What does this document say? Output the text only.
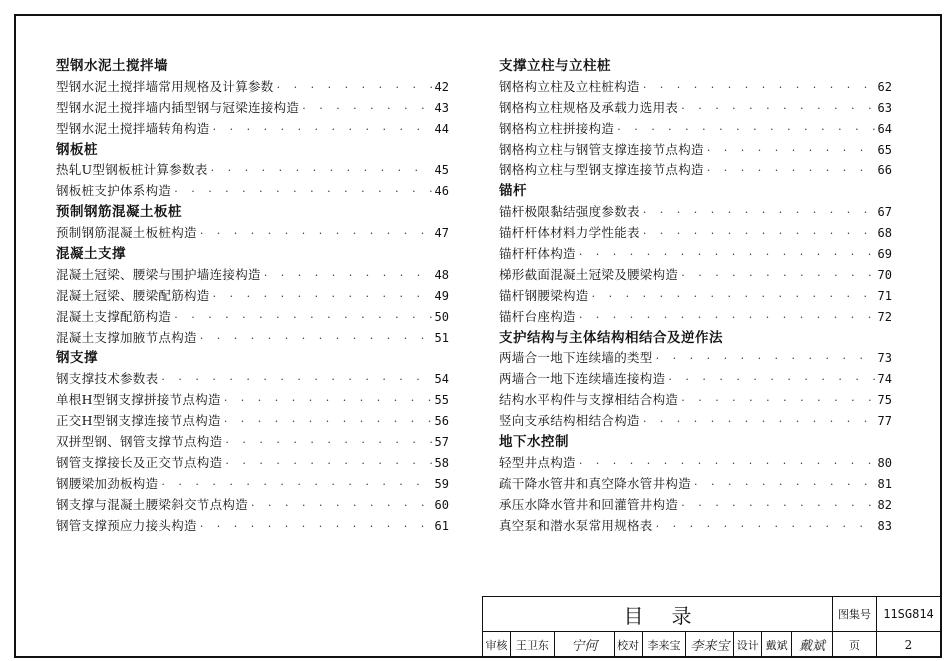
型钢水泥土搅拌墙
型钢水泥土搅拌墙常用规格及计算参数 · · ·	42
型钢水泥土搅拌墙内插型钢与冠梁连接构造 · · ·	43
型钢水泥土搅拌墙转角构造 · · ·	44
钢板桩
热轧U型钢板桩计算参数表 · · ·	45
钢板桩支护体系构造 · · ·	46
预制钢筋混凝土板桩
预制钢筋混凝土板桩构造 · · ·	47
混凝土支撑
混凝土冠梁、腰梁与围护墙连接构造 · · ·	48
混凝土冠梁、腰梁配筋构造 · · ·	49
混凝土支撑配筋构造 · · ·	50
混凝土支撑加腋节点构造 · · ·	51
钢支撑
钢支撑技术参数表 · · ·	54
单根H型钢支撑拼接节点构造 · · ·	55
正交H型钢支撑连接节点构造 · · ·	56
双拼型钢、钢管支撑节点构造 · · ·	57
钢管支撑接长及正交节点构造 · · ·	58
钢腰梁加劲板构造 · · ·	59
钢支撑与混凝土腰梁斜交节点构造 · · ·	60
钢管支撑预应力接头构造 · · ·	61
支撑立柱与立柱桩
钢格构立柱及立柱桩构造 · · ·	62
钢格构立柱规格及承载力选用表 · · ·	63
钢格构立柱拼接构造 · · ·	64
钢格构立柱与钢管支撑连接节点构造 · · ·	65
钢格构立柱与型钢支撑连接节点构造 · · ·	66
锚杆
锚杆极限黏结强度参数表 · · ·	67
锚杆杆体材料力学性能表 · · ·	68
锚杆杆体构造 · · ·	69
梯形截面混凝土冠梁及腰梁构造 · · ·	70
锚杆钢腰梁构造 · · ·	71
锚杆台座构造 · · ·	72
支护结构与主体结构相结合及逆作法
两墙合一地下连续墙的类型 · · ·	73
两墙合一地下连续墙连接构造 · · ·	74
结构水平构件与支撑相结合构造 · · ·	75
竖向支承结构相结合构造 · · ·	77
地下水控制
轻型井点构造 · · ·	80
疏干降水管井和真空降水管井构造 · · ·	81
承压水降水管井和回灌管井构造 · · ·	82
真空泵和潜水泵常用规格表 · · ·	83
目录	图集号	11SG814
页	2
审核 王卫东	宁何	校对 李来宝 李来宝 设计 戴斌 戴斌
